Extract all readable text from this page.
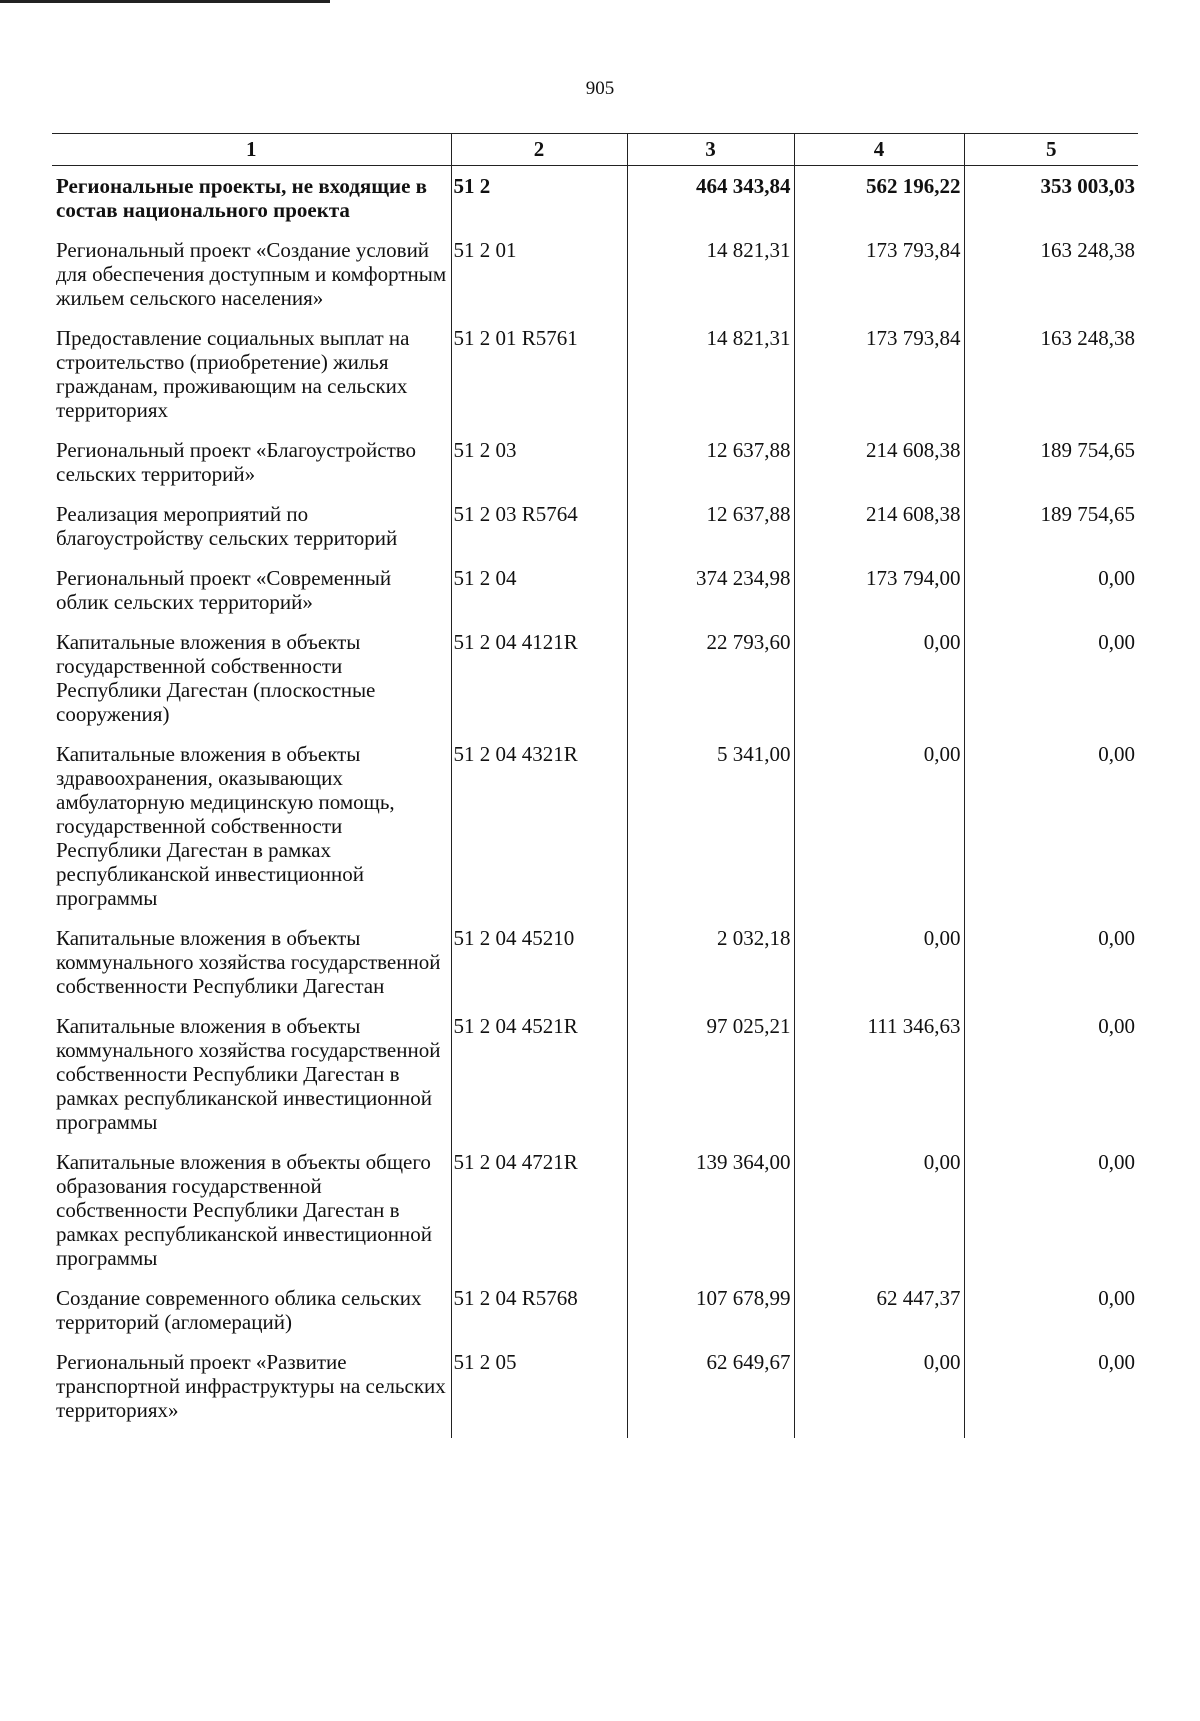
905
1	2	3	4	5
Региональные проекты, не входящие в состав национального проекта	51 2	464 343,84	562 196,22	353 003,03
Региональный проект «Создание условий для обеспечения доступным и комфортным жильем сельского населения»	51 2 01	14 821,31	173 793,84	163 248,38
Предоставление социальных выплат на строительство (приобретение) жилья гражданам, проживающим на сельских территориях	51 2 01 R5761	14 821,31	173 793,84	163 248,38
Региональный проект «Благоустройство сельских территорий»	51 2 03	12 637,88	214 608,38	189 754,65
Реализация мероприятий по благоустройству сельских территорий	51 2 03 R5764	12 637,88	214 608,38	189 754,65
Региональный проект «Современный облик сельских территорий»	51 2 04	374 234,98	173 794,00	0,00
Капитальные вложения в объекты государственной собственности Республики Дагестан (плоскостные сооружения)	51 2 04 4121R	22 793,60	0,00	0,00
Капитальные вложения в объекты здравоохранения, оказывающих амбулаторную медицинскую помощь, государственной собственности Республики Дагестан в рамках республиканской инвестиционной программы	51 2 04 4321R	5 341,00	0,00	0,00
Капитальные вложения в объекты коммунального хозяйства государственной собственности Республики Дагестан	51 2 04 45210	2 032,18	0,00	0,00
Капитальные вложения в объекты коммунального хозяйства государственной собственности Республики Дагестан в рамках республиканской инвестиционной программы	51 2 04 4521R	97 025,21	111 346,63	0,00
Капитальные вложения в объекты общего образования государственной собственности Республики Дагестан в рамках республиканской инвестиционной программы	51 2 04 4721R	139 364,00	0,00	0,00
Создание современного облика сельских территорий (агломераций)	51 2 04 R5768	107 678,99	62 447,37	0,00
Региональный проект «Развитие транспортной инфраструктуры на сельских территориях»	51 2 05	62 649,67	0,00	0,00
